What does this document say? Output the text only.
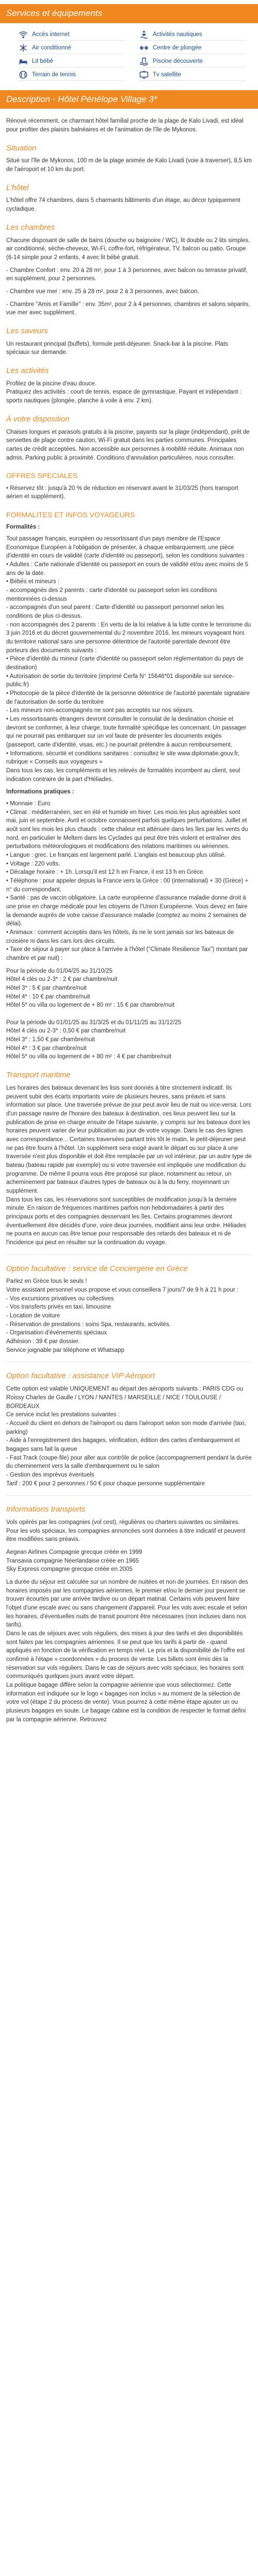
Services et équipements
Accès internet	Activités nautiques
Air conditionné	Centre de plongée
Lit bébé	Piscine découverte
Terrain de tennis	Tv satellite
Description - Hôtel Pénélope Village 3*

Rénové récemment, ce charmant hôtel familial proche de la plage de Kalo Livadi, est idéal pour profiter des plaisirs balnéaires et de l'animation de l'île de Mykonos.

Situation

Situé sur l'île de Mykonos, 100 m de la plage animée de Kalo Livadi (voie à traverser), 8,5 km de l'aéroport et 10 km du port.

L'hôtel

L'hôtel offre 74 chambres, dans 5 charmants bâtiments d'un étage, au décor typiquement cycladique.

Les chambres

Chacune disposant de salle de bains (douche ou baignoire / WC), lit double ou 2 lits simples, air conditionné, sèche-cheveux, Wi-Fi, coffre-fort, réfrigérateur, TV, balcon ou patio. Groupe (6-14 simple pour 2 enfants, 4 avec lit bébé gratuit.

- Chambre Confort : env. 20 à 28 m², pour 1 à 3 personnes, avec balcon ou terrasse privatif, en supplément, pour 2 personnes.

- Chambre vue mer : env. 25 à 28 m², pour 2 à 3 personnes, avec balcon.

- Chambre "Amis et Famille" : env. 35m², pour 2 à 4 personnes, chambres et salons séparés, vue mer avec supplément.

Les saveurs

Un restaurant principal (buffets), formule petit-déjeuner. Snack-bar à la piscine. Plats spéciaux sur demande.

Les activités

Profitez de la piscine d'eau douce.
Pratiquez des activités : court de tennis, espace de gymnastique. Payant et indépendant : sports nautiques (plongée, planche à voile à env. 2 km).

À votre disposition

Chaises longues et parasols gratuits à la piscine, payants sur la plage (indépendant), prêt de serviettes de plage contre caution, Wi-Fi gratuit dans les parties communes. Principales cartes de crédit acceptées. Non accessible aux personnes à mobilité réduite. Animaux non admis. Parking public à proximité. Conditions d'annulation particulières, nous consulter.

OFFRES SPECIALES

• Réservez tôt : jusqu'à 20 % de réduction en réservant avant le 31/03/25 (hors transport aérien et supplément).

FORMALITES ET INFOS VOYAGEURS

Formalités :

Tout passager français, européen ou ressortissant d'un pays membre de l'Espace Economique Européen à l'obligation de présenter, à chaque embarquement, une pièce d'identité en cours de validité (carte d'identité ou passeport), selon les conditions suivantes :
• Adultes : Carte nationale d'identité ou passeport en cours de validité et/ou avec moins de 5 ans de la date.
• Bébés et mineurs :
- accompagnés des 2 parents : carte d'identité ou passeport selon les conditions mentionnées ci-dessus
- accompagnés d'un seul parent : Carte d'identité ou passeport personnel selon les conditions de plus ci-dessus.
- non accompagnés des 2 parents : En vertu de la loi relative à la lutte contre le terrorisme du 3 juin 2016 et du décret gouvernemental du 2 novembre 2016, les mineurs voyageant hors du territoire national sans une personne détentrice de l'autorité parentale devront être porteurs des documents suivants :
• Pièce d'identité du mineur (carte d'identité ou passeport selon réglementation du pays de destination)
• Autorisation de sortie du territoire (imprimé Cerfa N° 15646*01 disponible sur service-public.fr)
• Photocopie de la pièce d'identité de la personne détentrice de l'autorité parentale signataire de l'autorisation de sortie du territoire
- Les mineurs non-accompagnés ne sont pas acceptés sur nos séjours.
• Les ressortissants étrangers devront consulter le consulat de la destination choisie et devront se conformer, à leur charge, toute formalité spécifique les concernant. Un passager qui ne pourrait pas embarquer sur un vol faute de présenter les documents exigés (passeport, carte d'identité, visas, etc.) ne pourrait prétendre à aucun remboursement.
• Informations, sécurité et conditions sanitaires : consultez le site www.diplomatie.gouv.fr, rubrique « Conseils aux voyageurs »
Dans tous les cas, les compléments et les relevés de formalités incombent au client, seul indication contraire de la part d'Héliades.

Informations pratiques :

• Monnaie : Euro
• Climat : méditerranéen, sec en été et humide en hiver. Les mois les plus agréables sont mai, juin et septembre. Avril et octobre connaissent parfois quelques perturbations. Juillet et août sont les mois les plus chauds : cette chaleur est atténuée dans les îles par les vents du nord, en particulier le Meltem dans les Cyclades qui peut être très violent et entraîner des perturbations météorologiques et modifications des relations maritimes ou aériennes.
• Langue : grec. Le français est largement parlé. L'anglais est beaucoup plus utilisé.
• Voltage : 220 volts.
• Décalage horaire : + 1h. Lorsqu'il est 12 h en France, il est 13 h en Grèce.
• Téléphone : pour appeler depuis la France vers la Grèce : 00 (international) + 30 (Grèce) + n° du correspondant.
• Santé : pas de vaccin obligatoire. La carte européenne d'assurance maladie donne droit à une prise en charge médicale pour les citoyens de l'Union Européenne. Vous devez en faire la demande auprès de votre caisse d'assurance maladie (comptez au moins 2 semaines de délai).
• Animaux : comment acceptés dans les hôtels, ils ne le sont jamais sur les bateaux de croisière ni dans les cars lors des circuits.
• Taxe de séjour à payer sur place à l'arrivée à l'hôtel ("Climate Resilience Tax") montant par chambre et par nuit) :

Pour la période du 01/04/25 au 31/10/25
Hôtel 4 clés ou 2-3* : 2 € par chambre/nuit
Hôtel 3* : 5 € par chambre/nuit
Hôtel 4* : 10 € par chambre/nuit
Hôtel 5* ou villa ou logement de + 80 m² : 15 € par chambre/nuit

Pour la période du 01/01/25 au 31/3/25 et du 01/11/25 au 31/12/25
Hôtel 4 clés ou 2-3* : 0,50 € par chambre/nuit
Hôtel 3* : 1,50 € par chambre/nuit
Hôtel 4* : 3 € par chambre/nuit
Hôtel 5* ou villa ou logement de + 80 m² : 4 € par chambre/nuit

Transport maritime

Les horaires des bateaux devenant les lisis sont donnés à titre strictement indicatif. Ils peuvent subir des écarts importants voire de plusieurs heures, sans préavis et sans information sur place. Une traversée prévue de jour peut avoir lieu de nuit ou vice-versa. Lors d'un passage navire de l'horaire des bateaux à destination, ces lieux peuvent lieu sur la publication de prise en charge ensuite de l'étape suivante, y compris sur les bateaux dont les horaires peuvent varier de leur publication au jour de votre voyage. Dans le cas des lignes avec correspondance... Certaines traversées partant très tôt le matin, le petit-déjeuner peut ne pas être fourni à l'hôtel. Un supplément sera exigé avant le départ ou sur place à une traversée n'est plus disponible et doit être remplacée par un vol intérieur, par un autre type de bateau (bateau rapide par exemple) ou si votre traversée est impliquée une modification du programme. De même il pourra vous être proposé sur place, notamment au retour, un acheminement par bateaux d'autres types de bateaux ou à la du ferry, moyennant un supplément.
Dans tous les cas, les réservations sont susceptibles de modification jusqu'à la dernière minute. En raison de fréquences maritimes parfois non hebdomadaires à partir des principaux ports et des compagnies desservant les îles. Certains programmes devront éventuellement être décidés d'une, voire deux journées, modifiant ainsi leur ordre. Héliades ne pourra en aucun cas être tenue pour responsable des retards des bateaux et ni de l'incidence qui peut en résulter sur la continuation du voyage.

Option facultative : service de Conciergerie en Grèce

Parlez en Grèce tous le seuls !
Votre assistant personnel vous propose et vous conseillera 7 jours/7 de 9 h à 21 h pour :
- Vos excursions privatives ou collectives
- Vos transferts privés en taxi, limousine
- Location de voiture
- Réservation de prestations : soins Spa, restaurants, activités.
- Organisation d'événements spéciaux
Adhésion : 39 € par dossier.
Service joignable par téléphone et Whatsapp

Option facultative : assistance VIP Aéroport

Cette option est valable UNIQUEMENT au départ des aéroports suivants : PARIS CDG ou Roissy Charles de Gaulle / LYON / NANTES / MARSEILLE / NICE / TOULOUSE / BORDEAUX
Ce service inclut les prestations suivantes :
- Accueil du client en dehors de l'aéroport ou dans l'aéroport selon son mode d'arrivée (taxi, parking)
- Aide à l'enregistrement des bagages, vérification, édition des cartes d'embarquement et bagages sans fait la queue
- Fast Track (coupe-file) pour aller aux contrôle de police (accompagnement pendant la durée du cheminement vers la salle d'embarquement ou le salon
- Gestion des imprévus éventuels
Tarif : 200 € pour 2 personnes / 50 € pour chaque personne supplémentaire

Informations transports

Vols opérés par les compagnies (vol cest), régulières ou charters suivantes ou similaires. Pour les vols spéciaux, les compagnies annoncées sont données à titre indicatif et peuvent être modifiées sans préavis.

Aegean Airlines Compagnie grecque créée en 1999
Transavia compagnie Néerlandaise créée en 1965
Sky Express compagnie grecque créée en 2005

La durée du séjour est calculée sur un nombre de nuitées et non de journées. En raison des horaires imposés par les compagnies aériennes, le premier et/ou le dernier jour peuvent se trouver écourtés par une arrivée tardive ou un départ matinal. Certains vols peuvent faire l'objet d'une escale avec ou sans changement d'appareil. Pour les vols avec escale et selon les horaires, d'éventuelles nuits de transit pourront être nécessaires (non incluses dans nos tarifs).
Dans le cas de séjours avec vols réguliers, des mises à jour des tarifs et des disponibilités sont faites par les compagnies aériennes. Il se peut que les tarifs à partir de - quand appliqués en fonction de la vérification en temps réel. Le prix et la disponibilité de l'offre est confirmé à l'étape « coordonnées » du process de vente. Les billets sont émis dès la réservation sur vols réguliers. Dans le cas de séjours avec vols spéciaux, les horaires sont communiqués quelques jours avant votre départ.
La politique bagage diffère selon la compagnie aérienne que vous sélectionnez. Cette information est indiquée sur le logo « bagages non inclus » au moment de la sélection de votre vol (étape 2 du process de vente). Vous pourrez à cette même étape ajouter un ou plusieurs bagages en soute. Le bagage cabine est la condition de respecter le format défini par la compagnie aérienne. Retrouvez
